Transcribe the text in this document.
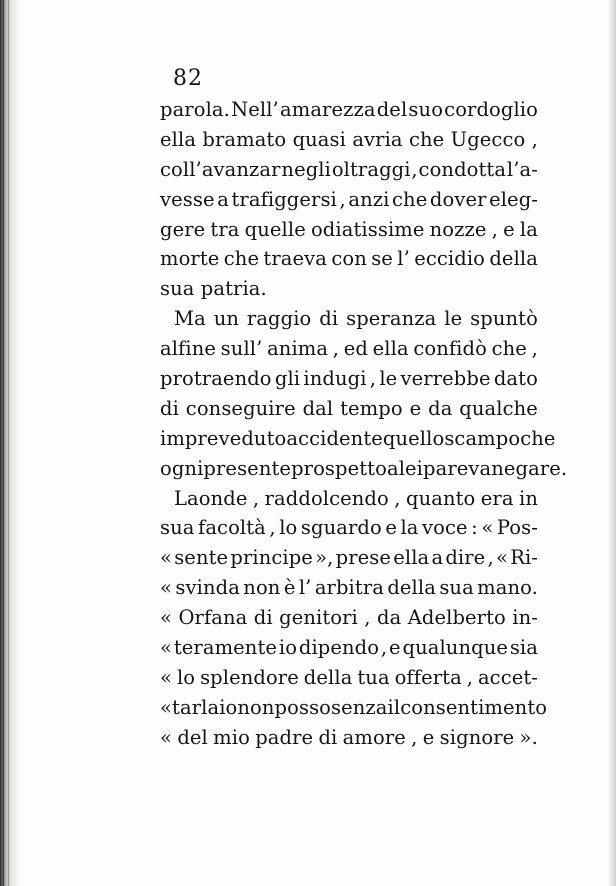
82
parola. Nell’ amarezza del suo cordoglio
ella bramato quasi avria che Ugecco ,
coll’avanzar negli oltraggi , condotta l’a-
vesse a trafiggersi , anzi che dover eleg-
gere tra quelle odiatissime nozze , e la
morte che traeva con se l’ eccidio della
sua patria.
Ma un raggio di speranza le spuntò
alfine sull’ anima , ed ella confidò che ,
protraendo gli indugi , le verrebbe dato
di conseguire dal tempo e da qualche
impreveduto accidente quello scampo che
ogni presente prospetto a lei pareva negare.
Laonde , raddolcendo , quanto era in
sua facoltà , lo sguardo e la voce : « Pos-
« sente principe », prese ella a dire , « Ri-
« svinda non è l’ arbitra della sua mano.
« Orfana di genitori , da Adelberto in-
« teramente io dipendo , e qualunque sia
« lo splendore della tua offerta , accet-
« tarla io non posso senza il consentimento
« del mio padre di amore , e signore ».
